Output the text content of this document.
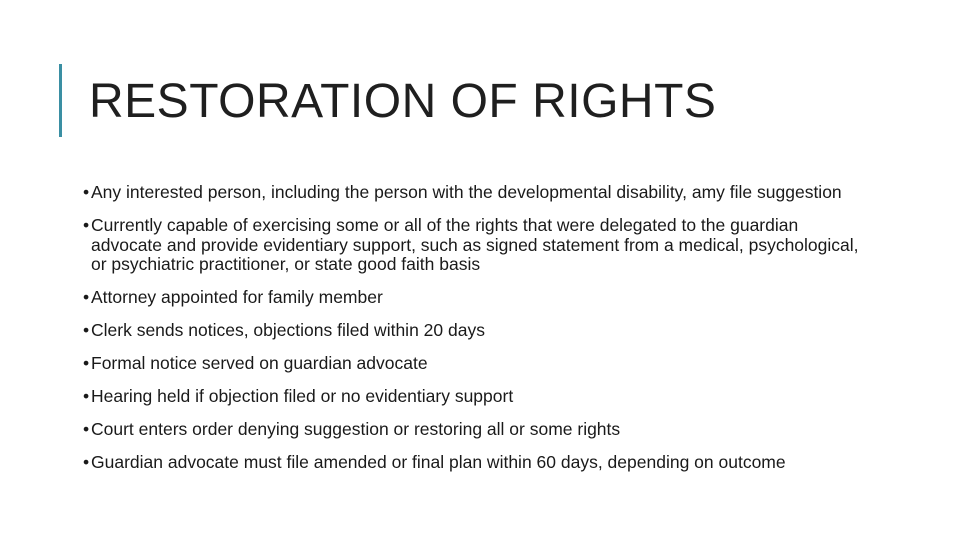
RESTORATION OF RIGHTS
• Any interested person, including the person with the developmental disability, amy file suggestion
• Currently capable of exercising some or all of the rights that were delegated to the guardian advocate and provide evidentiary support, such as signed statement from a medical, psychological, or psychiatric practitioner, or state good faith basis
• Attorney appointed for family member
• Clerk sends notices, objections filed within 20 days
• Formal notice served on guardian advocate
• Hearing held if objection filed or no evidentiary support
• Court enters order denying suggestion or restoring all or some rights
• Guardian advocate must file amended or final plan within 60 days, depending on outcome
